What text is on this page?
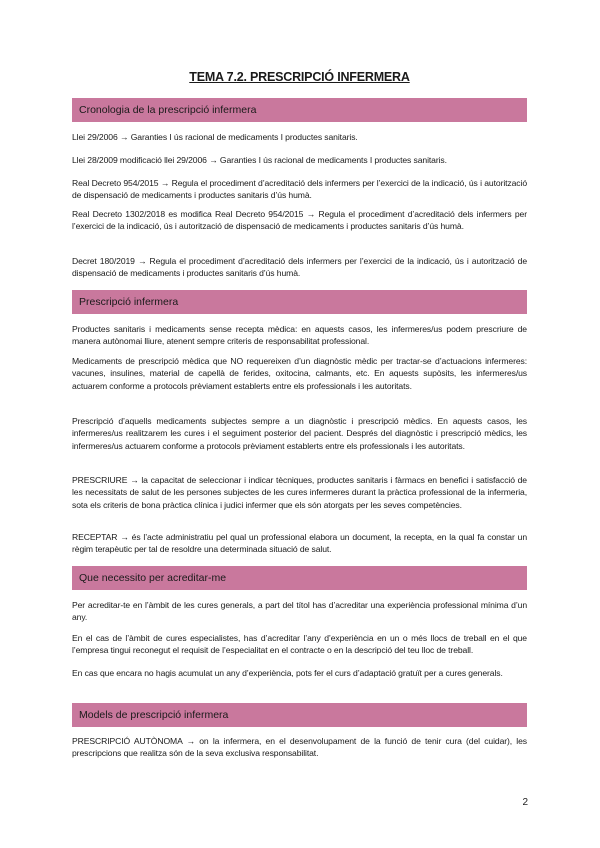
TEMA 7.2. PRESCRIPCIÓ INFERMERA
Cronologia de la prescripció infermera

Llei 29/2006 → Garanties I ús racional de medicaments I productes sanitaris.

Llei 28/2009 modificació llei 29/2006 → Garanties I ús racional de medicaments I productes sanitaris.

Real Decreto 954/2015 → Regula el procediment d’acreditació dels infermers per l’exercici de la indicació, ús i autorització de dispensació de medicaments i productes sanitaris d’ús humà.

Real Decreto 1302/2018 es modifica Real Decreto 954/2015 → Regula el procediment d’acreditació dels infermers per l’exercici de la indicació, ús i autorització de dispensació de medicaments i productes sanitaris d’ús humà.

Decret 180/2019 → Regula el procediment d’acreditació dels infermers per l’exercici de la indicació, ús i autorització de dispensació de medicaments i productes sanitaris d’ús humà.

Prescripció infermera

Productes sanitaris i medicaments sense recepta mèdica: en aquests casos, les infermeres/us podem prescriure de manera autònomai lliure, atenent sempre criteris de responsabilitat professional.

Medicaments de prescripció mèdica que NO requereixen d’un diagnòstic mèdic per tractar-se d’actuacions infermeres: vacunes, insulines, material de capellà de ferides, oxitocina, calmants, etc. En aquests supòsits, les infermeres/us actuarem conforme a protocols prèviament establerts entre els professionals i les autoritats.

Prescripció d’aquells medicaments subjectes sempre a un diagnòstic i prescripció mèdics. En aquests casos, les infermeres/us realitzarem les cures i el seguiment posterior del pacient. Després del diagnòstic i prescripció mèdics, les infermeres/us actuarem conforme a protocols prèviament establerts entre els professionals i les autoritats.

PRESCRIURE → la capacitat de seleccionar i indicar tècniques, productes sanitaris i fàrmacs en benefici i satisfacció de les necessitats de salut de les persones subjectes de les cures infermeres durant la pràctica professional de la infermeria, sota els criteris de bona pràctica clínica i judici infermer que els són atorgats per les seves competències.

RECEPTAR → és l’acte administratiu pel qual un professional elabora un document, la recepta, en la qual fa constar un règim terapèutic per tal de resoldre una determinada situació de salut.

Que necessito per acreditar-me

Per acreditar-te en l’àmbit de les cures generals, a part del títol has d’acreditar una experiència professional mínima d’un any.

En el cas de l’àmbit de cures especialistes, has d’acreditar l’any d’experiència en un o més llocs de treball en el que l’empresa tingui reconegut el requisit de l’especialitat en el contracte o en la descripció del teu lloc de treball.

En cas que encara no hagis acumulat un any d’experiència, pots fer el curs d’adaptació gratuït per a cures generals.

Models de prescripció infermera

PRESCRIPCIÓ AUTÒNOMA → on la infermera, en el desenvolupament de la funció de tenir cura (del cuidar), les prescripcions que realitza són de la seva exclusiva responsabilitat.

2
